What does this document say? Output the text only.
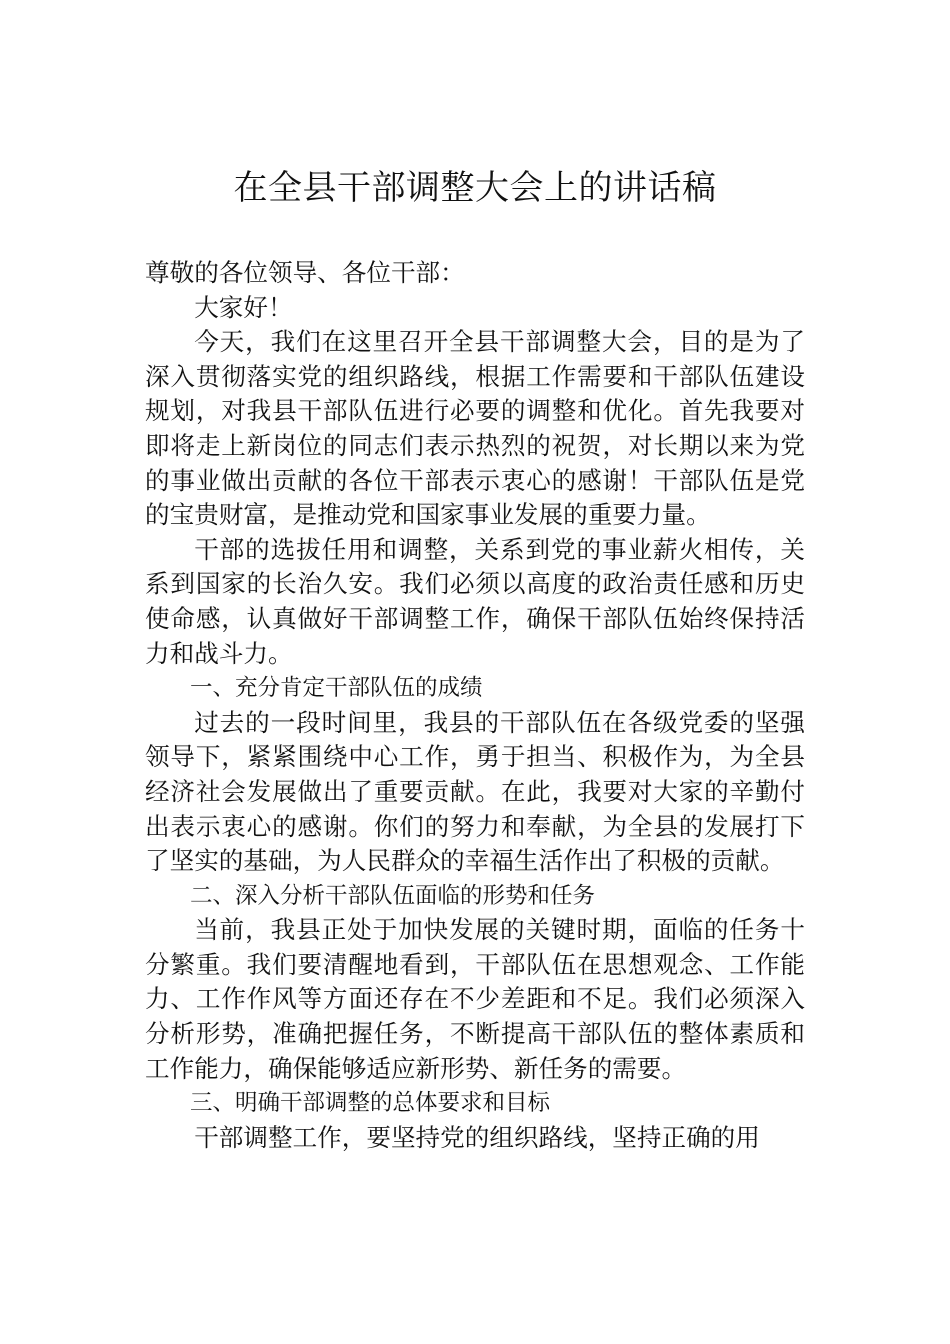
在全县干部调整大会上的讲话稿

尊敬的各位领导、各位干部：

大家好！

今天，我们在这里召开全县干部调整大会，目的是为了深入贯彻落实党的组织路线，根据工作需要和干部队伍建设规划，对我县干部队伍进行必要的调整和优化。首先我要对即将走上新岗位的同志们表示热烈的祝贺，对长期以来为党的事业做出贡献的各位干部表示衷心的感谢！干部队伍是党的宝贵财富，是推动党和国家事业发展的重要力量。

干部的选拔任用和调整，关系到党的事业薪火相传，关系到国家的长治久安。我们必须以高度的政治责任感和历史使命感，认真做好干部调整工作，确保干部队伍始终保持活力和战斗力。

一、充分肯定干部队伍的成绩

过去的一段时间里，我县的干部队伍在各级党委的坚强领导下，紧紧围绕中心工作，勇于担当、积极作为，为全县经济社会发展做出了重要贡献。在此，我要对大家的辛勤付出表示衷心的感谢。你们的努力和奉献，为全县的发展打下了坚实的基础，为人民群众的幸福生活作出了积极的贡献。

二、深入分析干部队伍面临的形势和任务

当前，我县正处于加快发展的关键时期，面临的任务十分繁重。我们要清醒地看到，干部队伍在思想观念、工作能力、工作作风等方面还存在不少差距和不足。我们必须深入分析形势，准确把握任务，不断提高干部队伍的整体素质和工作能力，确保能够适应新形势、新任务的需要。

三、明确干部调整的总体要求和目标

干部调整工作，要坚持党的组织路线，坚持正确的用
